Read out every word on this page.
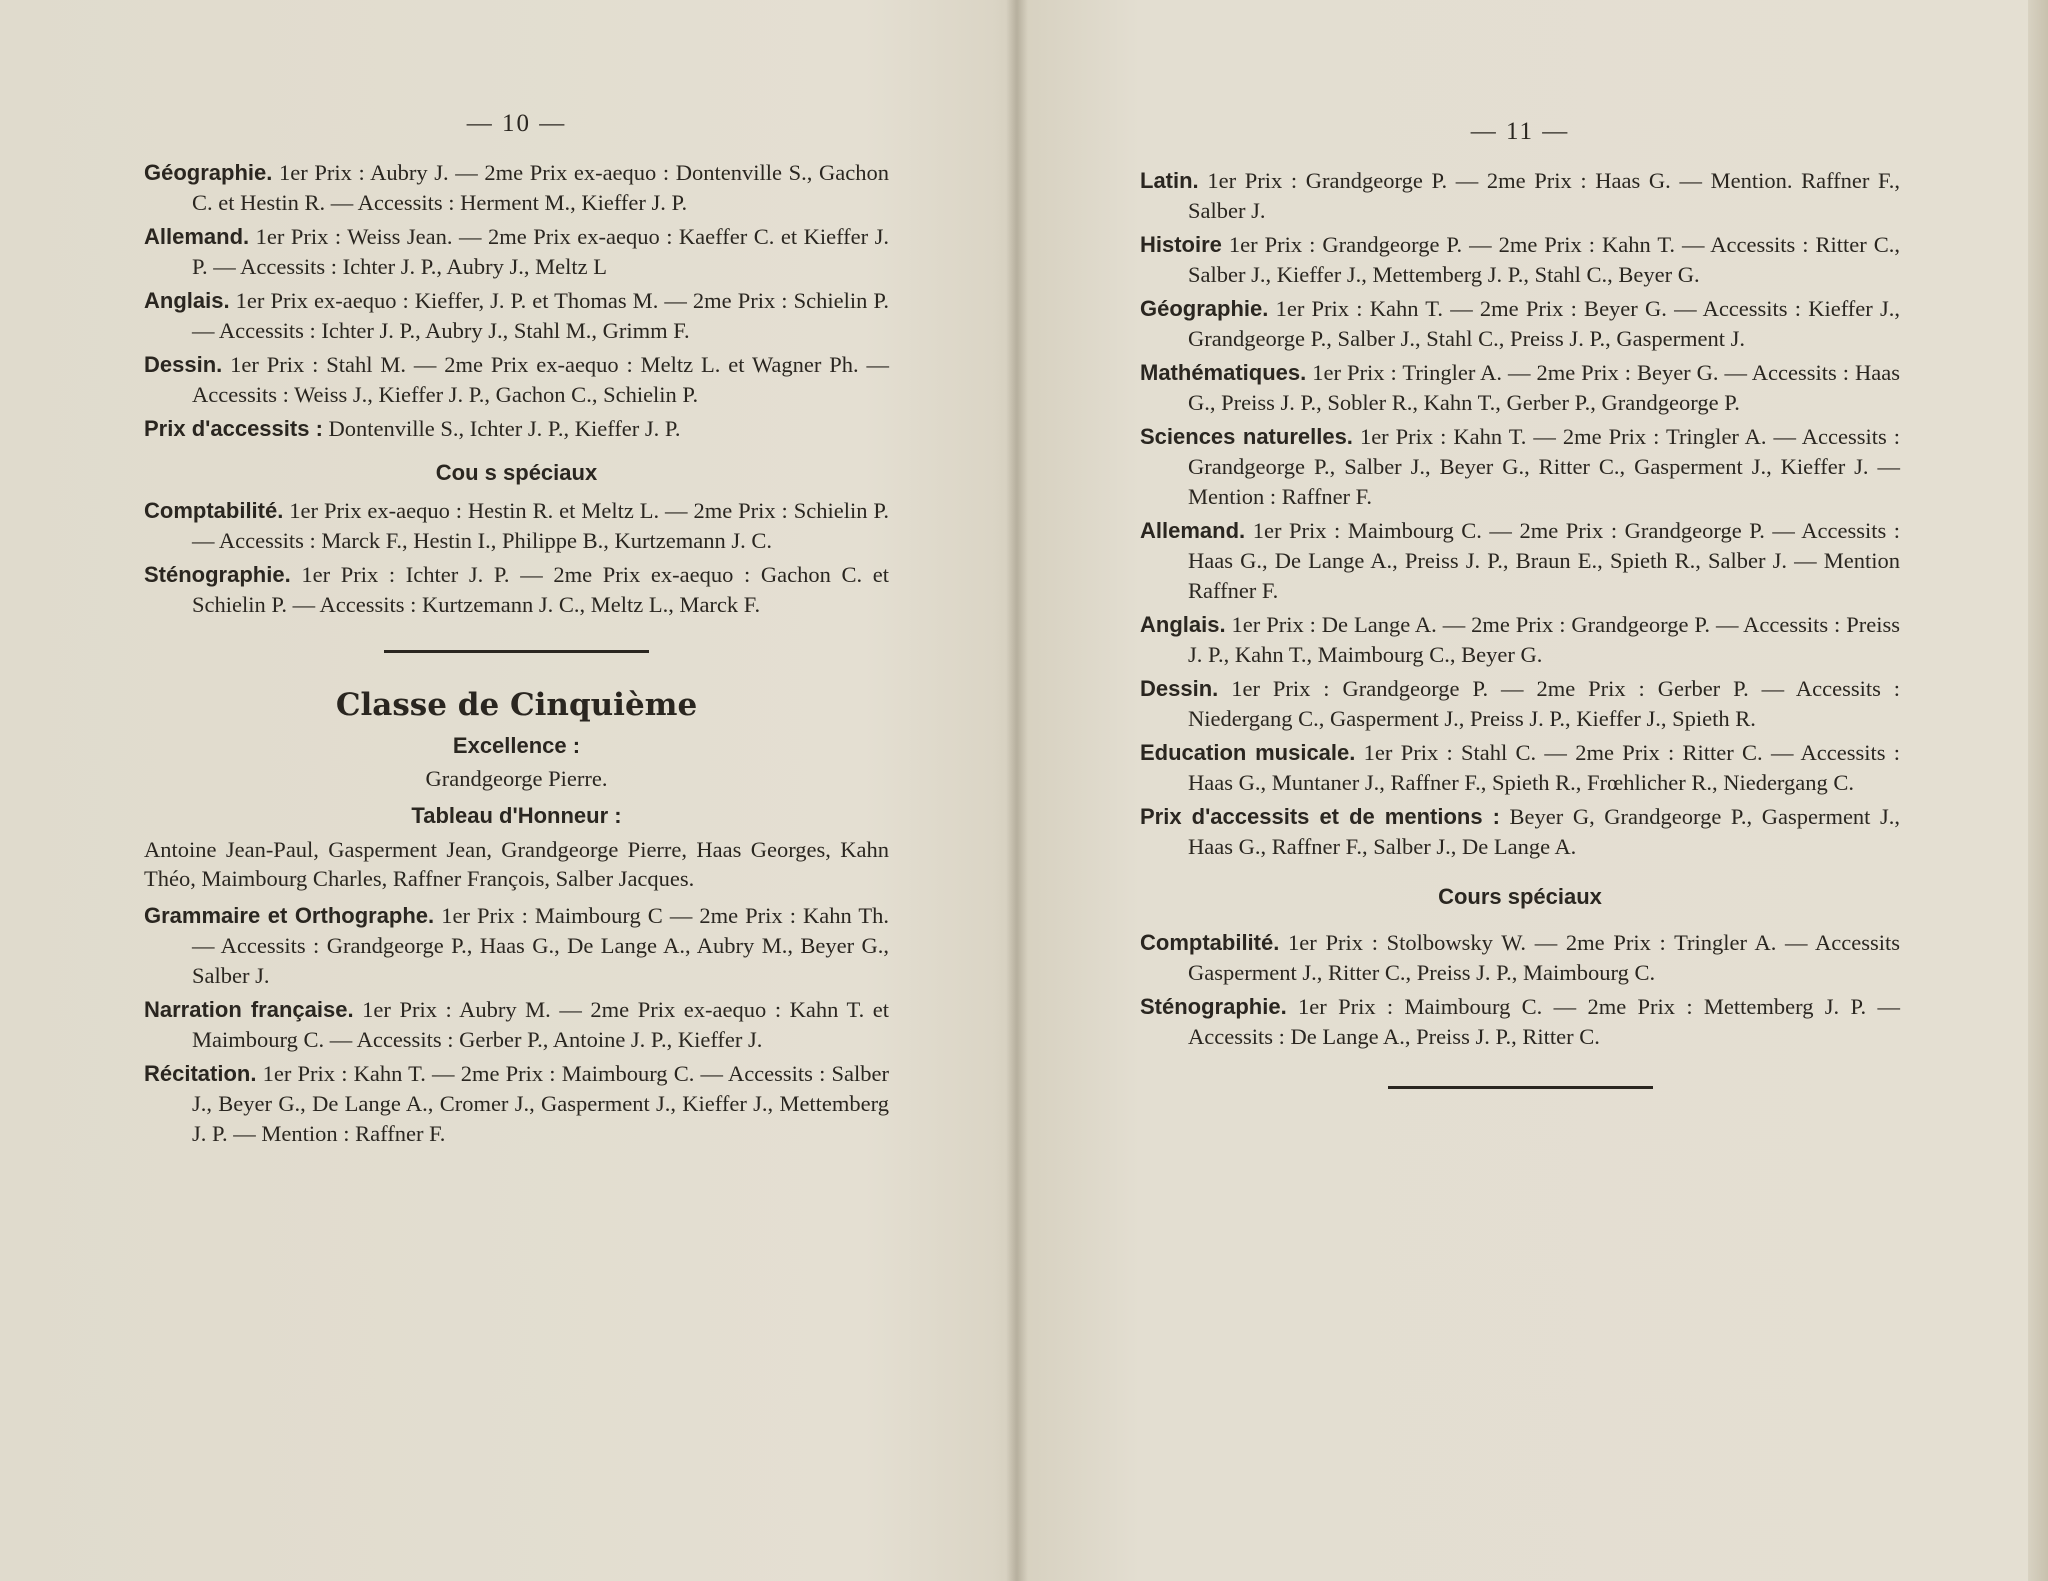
— 10 —
Géographie. 1er Prix : Aubry J. — 2me Prix ex-aequo : Dontenville S., Gachon C. et Hestin R. — Accessits : Herment M., Kieffer J. P.
Allemand. 1er Prix : Weiss Jean. — 2me Prix ex-aequo : Kaeffer C. et Kieffer J. P. — Accessits : Ichter J. P., Aubry J., Meltz L
Anglais. 1er Prix ex-aequo : Kieffer, J. P. et Thomas M. — 2me Prix : Schielin P. — Accessits : Ichter J. P., Aubry J., Stahl M., Grimm F.
Dessin. 1er Prix : Stahl M. — 2me Prix ex-aequo : Meltz L. et Wagner Ph. — Accessits : Weiss J., Kieffer J. P., Gachon C., Schielin P.
Prix d'accessits : Dontenville S., Ichter J. P., Kieffer J. P.
Cou s spéciaux
Comptabilité. 1er Prix ex-aequo : Hestin R. et Meltz L. — 2me Prix : Schielin P. — Accessits : Marck F., Hestin I., Philippe B., Kurtzemann J. C.
Sténographie. 1er Prix : Ichter J. P. — 2me Prix ex-aequo : Gachon C. et Schielin P. — Accessits : Kurtzemann J. C., Meltz L., Marck F.
Classe de Cinquième
Excellence :
Grandgeorge Pierre.
Tableau d'Honneur :
Antoine Jean-Paul, Gasperment Jean, Grandgeorge Pierre, Haas Georges, Kahn Théo, Maimbourg Charles, Raffner François, Salber Jacques.
Grammaire et Orthographe. 1er Prix : Maimbourg C — 2me Prix : Kahn Th. — Accessits : Grandgeorge P., Haas G., De Lange A., Aubry M., Beyer G., Salber J.
Narration française. 1er Prix : Aubry M. — 2me Prix ex-aequo : Kahn T. et Maimbourg C. — Accessits : Gerber P., Antoine J. P., Kieffer J.
Récitation. 1er Prix : Kahn T. — 2me Prix : Maimbourg C. — Accessits : Salber J., Beyer G., De Lange A., Cromer J., Gasperment J., Kieffer J., Mettemberg J. P. — Mention : Raffner F.
— 11 —
Latin. 1er Prix : Grandgeorge P. — 2me Prix : Haas G. — Mention. Raffner F., Salber J.
Histoire 1er Prix : Grandgeorge P. — 2me Prix : Kahn T. — Accessits : Ritter C., Salber J., Kieffer J., Mettemberg J. P., Stahl C., Beyer G.
Géographie. 1er Prix : Kahn T. — 2me Prix : Beyer G. — Accessits : Kieffer J., Grandgeorge P., Salber J., Stahl C., Preiss J. P., Gasperment J.
Mathématiques. 1er Prix : Tringler A. — 2me Prix : Beyer G. — Accessits : Haas G., Preiss J. P., Sobler R., Kahn T., Gerber P., Grandgeorge P.
Sciences naturelles. 1er Prix : Kahn T. — 2me Prix : Tringler A. — Accessits : Grandgeorge P., Salber J., Beyer G., Ritter C., Gasperment J., Kieffer J. — Mention : Raffner F.
Allemand. 1er Prix : Maimbourg C. — 2me Prix : Grandgeorge P. — Accessits : Haas G., De Lange A., Preiss J. P., Braun E., Spieth R., Salber J. — Mention Raffner F.
Anglais. 1er Prix : De Lange A. — 2me Prix : Grandgeorge P. — Accessits : Preiss J. P., Kahn T., Maimbourg C., Beyer G.
Dessin. 1er Prix : Grandgeorge P. — 2me Prix : Gerber P. — Accessits : Niedergang C., Gasperment J., Preiss J. P., Kieffer J., Spieth R.
Education musicale. 1er Prix : Stahl C. — 2me Prix : Ritter C. — Accessits : Haas G., Muntaner J., Raffner F., Spieth R., Frœhlicher R., Niedergang C.
Prix d'accessits et de mentions : Beyer G, Grandgeorge P., Gasperment J., Haas G., Raffner F., Salber J., De Lange A.
Cours spéciaux
Comptabilité. 1er Prix : Stolbowsky W. — 2me Prix : Tringler A. — Accessits Gasperment J., Ritter C., Preiss J. P., Maimbourg C.
Sténographie. 1er Prix : Maimbourg C. — 2me Prix : Mettemberg J. P. — Accessits : De Lange A., Preiss J. P., Ritter C.
